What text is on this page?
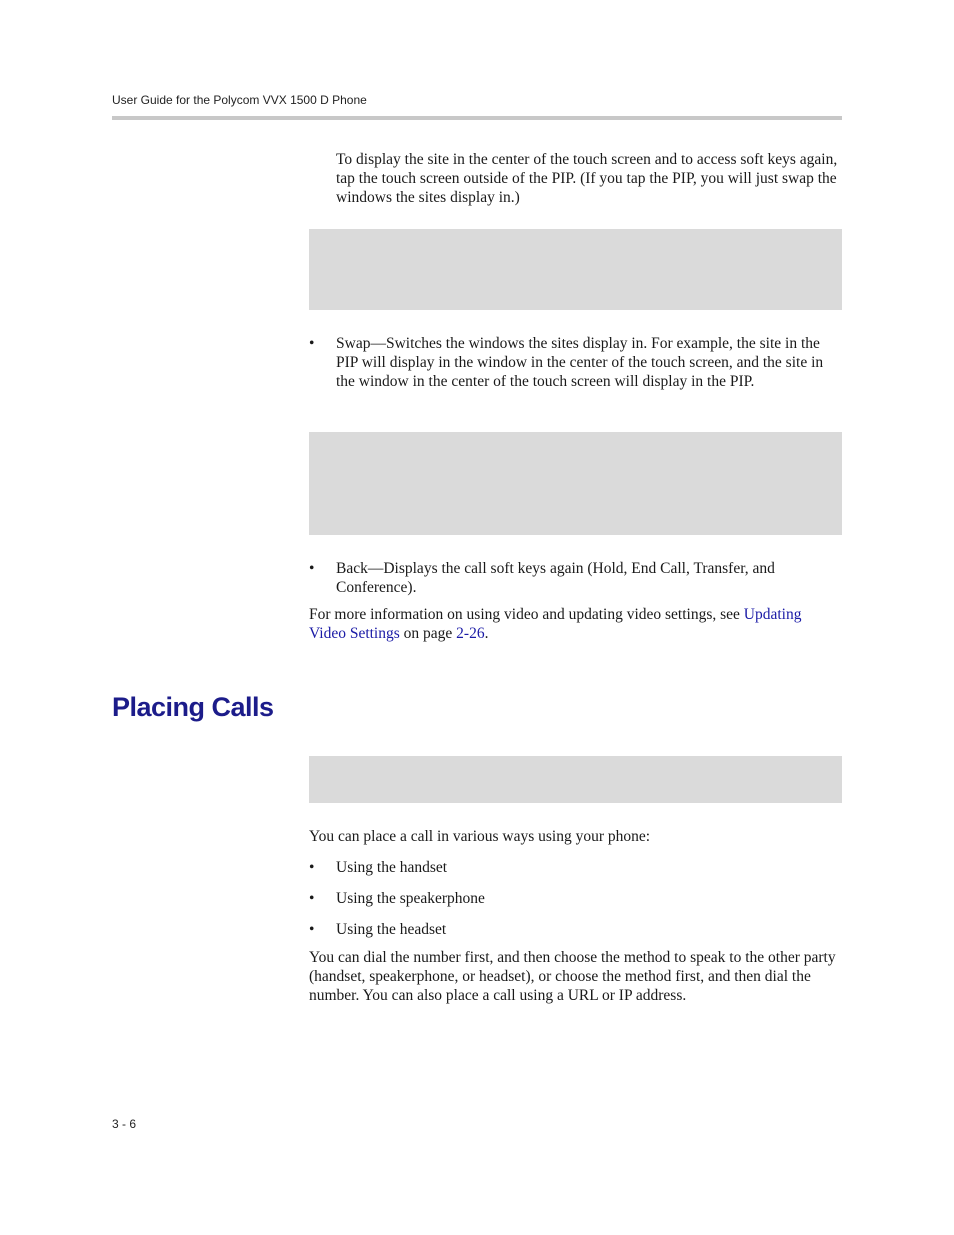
User Guide for the Polycom VVX 1500 D Phone

To display the site in the center of the touch screen and to access soft keys again, tap the touch screen outside of the PIP. (If you tap the PIP, you will just swap the windows the sites display in.)

• Swap—Switches the windows the sites display in. For example, the site in the PIP will display in the window in the center of the touch screen, and the site in the window in the center of the touch screen will display in the PIP.
• Back—Displays the call soft keys again (Hold, End Call, Transfer, and Conference).

For more information on using video and updating video settings, see Updating Video Settings on page 2-26.

Placing Calls

You can place a call in various ways using your phone:

• Using the handset
• Using the speakerphone
• Using the headset

You can dial the number first, and then choose the method to speak to the other party (handset, speakerphone, or headset), or choose the method first, and then dial the number. You can also place a call using a URL or IP address.

3 - 6
